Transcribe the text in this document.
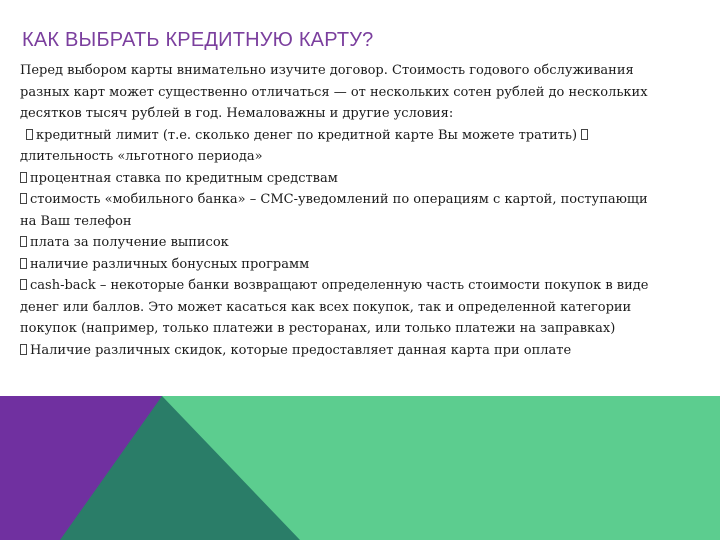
КАК ВЫБРАТЬ КРЕДИТНУЮ КАРТУ?
Перед выбором карты внимательно изучите договор. Стоимость годового обслуживания
разных карт может существенно отличаться — от нескольких сотен рублей до нескольких
десятков тысяч рублей в год. Немаловажны и другие условия:
кредитный лимит (т.е. сколько денег по кредитной карте Вы можете тратить)
длительность «льготного периода»
процентная ставка по кредитным средствам
стоимость «мобильного банка» – СМС-уведомлений по операциям с картой, поступающи
на Ваш телефон
плата за получение выписок
наличие различных бонусных программ
cash-back – некоторые банки возвращают определенную часть стоимости покупок в виде
денег или баллов. Это может касаться как всех покупок, так и определенной категории
покупок (например, только платежи в ресторанах, или только платежи на заправках)
Наличие различных скидок, которые предоставляет данная карта при оплате
